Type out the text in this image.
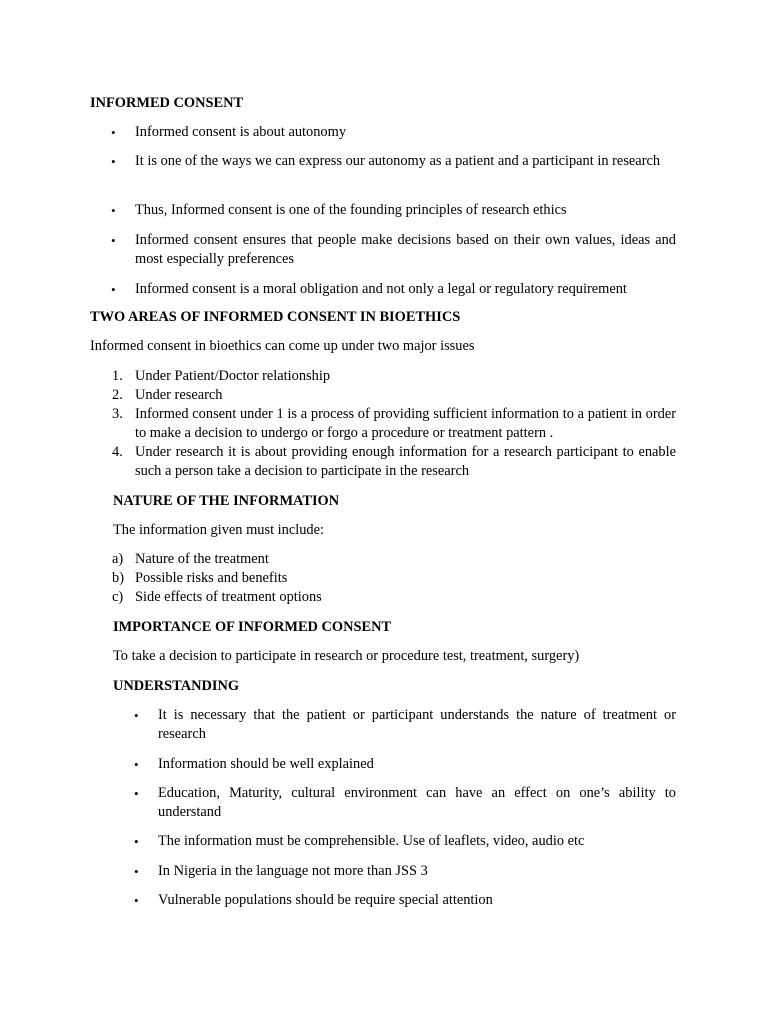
INFORMED CONSENT
• Informed consent is about autonomy
• It is one of the ways we can express our autonomy as a patient and a participant in research
• Thus, Informed consent is one of the founding principles of research ethics
• Informed consent ensures that people make decisions based on their own values, ideas and most especially preferences
• Informed consent is a moral obligation and not only a legal or regulatory requirement
TWO AREAS OF INFORMED CONSENT IN BIOETHICS

Informed consent in bioethics can come up under two major issues

1. Under Patient/Doctor relationship
2. Under research
3. Informed consent under 1 is a process of providing sufficient information to a patient in order to make a decision to undergo or forgo a procedure or treatment pattern .
4. Under research it is about providing enough information for a research participant to enable such a person take a decision to participate in the research
NATURE OF THE INFORMATION

The information given must include:

a) Nature of the treatment
b) Possible risks and benefits
c) Side effects of treatment options
IMPORTANCE OF INFORMED CONSENT

To take a decision to participate in research or procedure test, treatment, surgery)

UNDERSTANDING
• It is necessary that the patient or participant understands the nature of treatment or research
• Information should be well explained
• Education, Maturity, cultural environment can have an effect on one’s ability to understand
• The information must be comprehensible. Use of leaflets, video, audio etc
• In Nigeria in the language not more than JSS 3
• Vulnerable populations should be require special attention
